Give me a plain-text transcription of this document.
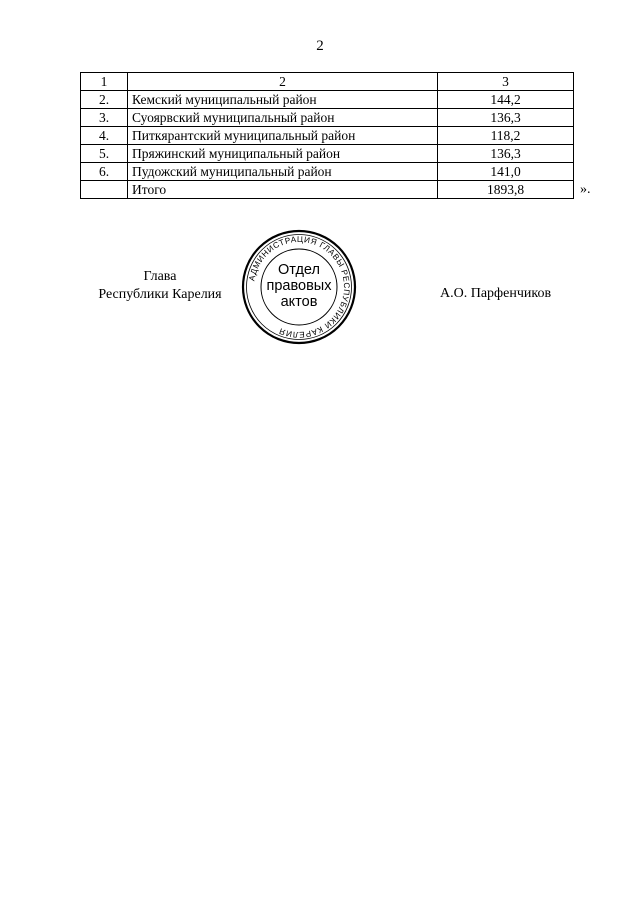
2
1	2	3
2.	Кемский муниципальный район	144,2
3.	Суоярвский муниципальный район	136,3
4.	Питкярантский муниципальный район	118,2
5.	Пряжинский муниципальный район	136,3
6.	Пудожский муниципальный район	141,0
	Итого	1893,8	».
Глава
Республики Карелия
АДМИНИСТРАЦИЯ ГЛАВЫ РЕСПУБЛИКИ КАРЕЛИЯ
Отдел
правовых
актов
А.О. Парфенчиков
